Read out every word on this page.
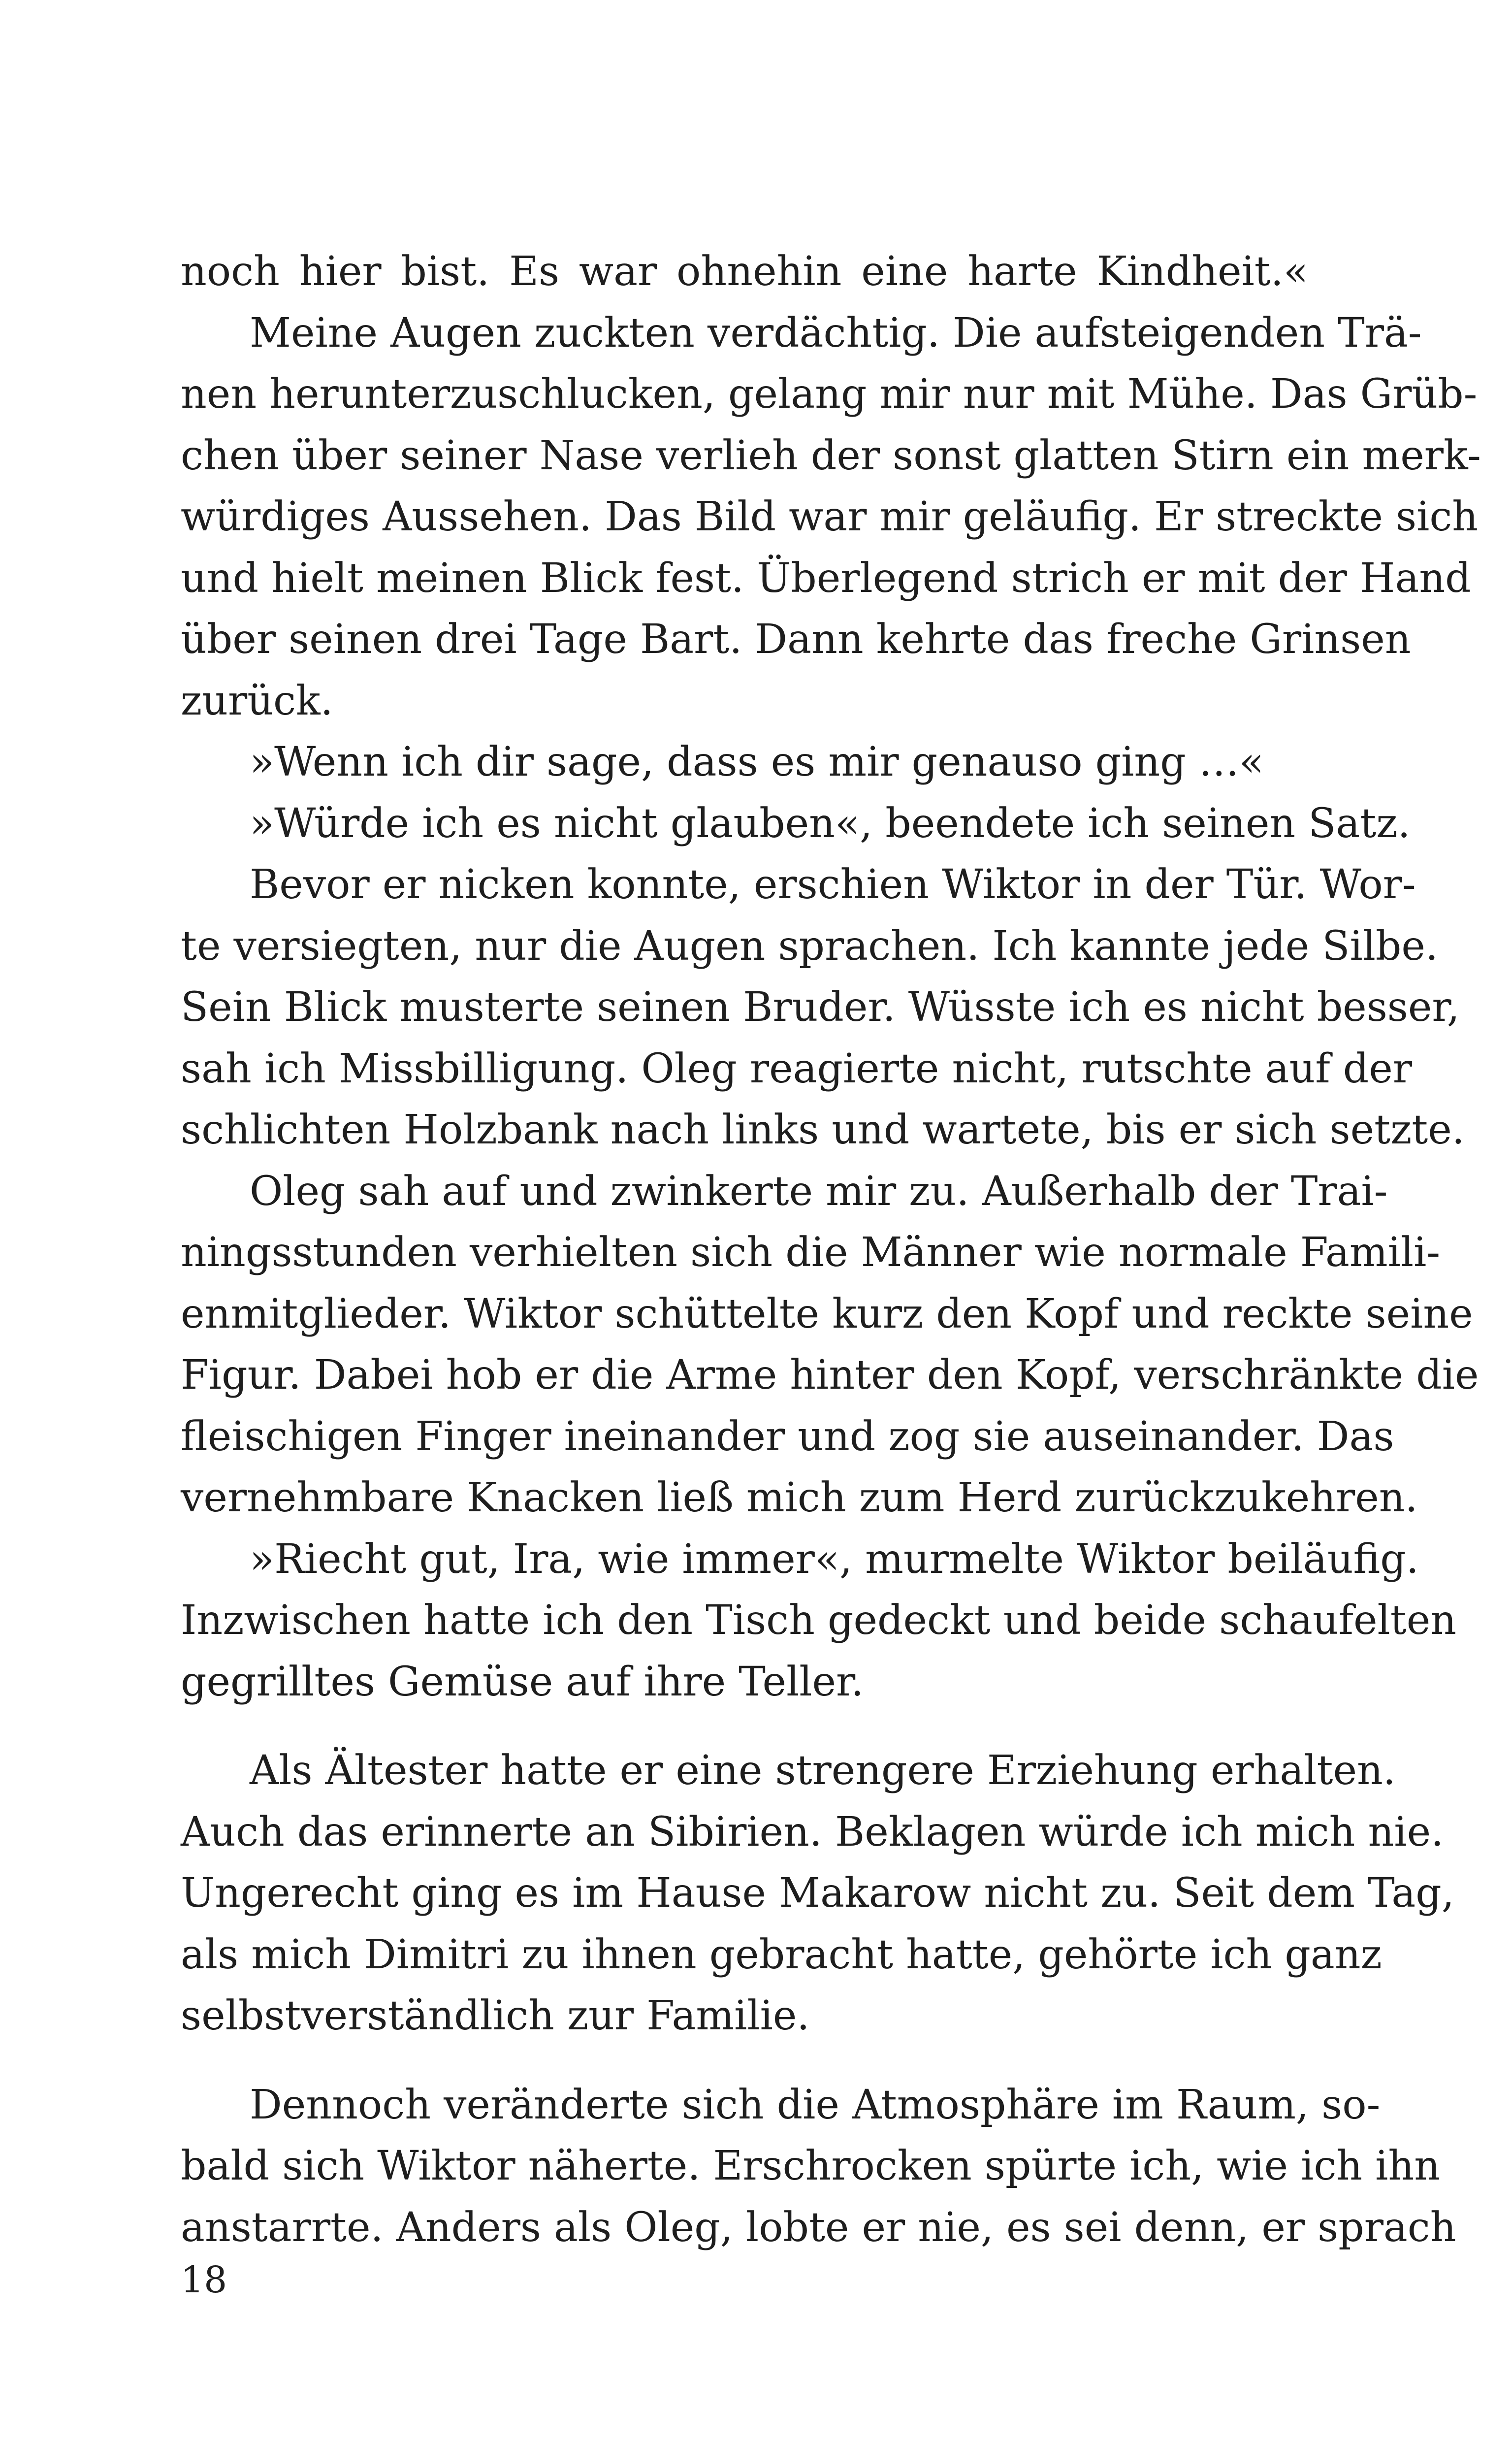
noch hier bist. Es war ohnehin eine harte Kindheit.«
Meine Augen zuckten verdächtig. Die aufsteigenden Trä-
nen herunterzuschlucken, gelang mir nur mit Mühe. Das Grüb-
chen über seiner Nase verlieh der sonst glatten Stirn ein merk-
würdiges Aussehen. Das Bild war mir geläufig. Er streckte sich
und hielt meinen Blick fest. Überlegend strich er mit der Hand
über seinen drei Tage Bart. Dann kehrte das freche Grinsen
zurück.
»Wenn ich dir sage, dass es mir genauso ging …«
»Würde ich es nicht glauben«, beendete ich seinen Satz.
Bevor er nicken konnte, erschien Wiktor in der Tür. Wor-
te versiegten, nur die Augen sprachen. Ich kannte jede Silbe.
Sein Blick musterte seinen Bruder. Wüsste ich es nicht besser,
sah ich Missbilligung. Oleg reagierte nicht, rutschte auf der
schlichten Holzbank nach links und wartete, bis er sich setzte.
Oleg sah auf und zwinkerte mir zu. Außerhalb der Trai-
ningsstunden verhielten sich die Männer wie normale Famili-
enmitglieder. Wiktor schüttelte kurz den Kopf und reckte seine
Figur. Dabei hob er die Arme hinter den Kopf, verschränkte die
fleischigen Finger ineinander und zog sie auseinander. Das
vernehmbare Knacken ließ mich zum Herd zurückzukehren.
»Riecht gut, Ira, wie immer«, murmelte Wiktor beiläufig.
Inzwischen hatte ich den Tisch gedeckt und beide schaufelten
gegrilltes Gemüse auf ihre Teller.
Als Ältester hatte er eine strengere Erziehung erhalten.
Auch das erinnerte an Sibirien. Beklagen würde ich mich nie.
Ungerecht ging es im Hause Makarow nicht zu. Seit dem Tag,
als mich Dimitri zu ihnen gebracht hatte, gehörte ich ganz
selbstverständlich zur Familie.
Dennoch veränderte sich die Atmosphäre im Raum, so-
bald sich Wiktor näherte. Erschrocken spürte ich, wie ich ihn
anstarrte. Anders als Oleg, lobte er nie, es sei denn, er sprach
18
